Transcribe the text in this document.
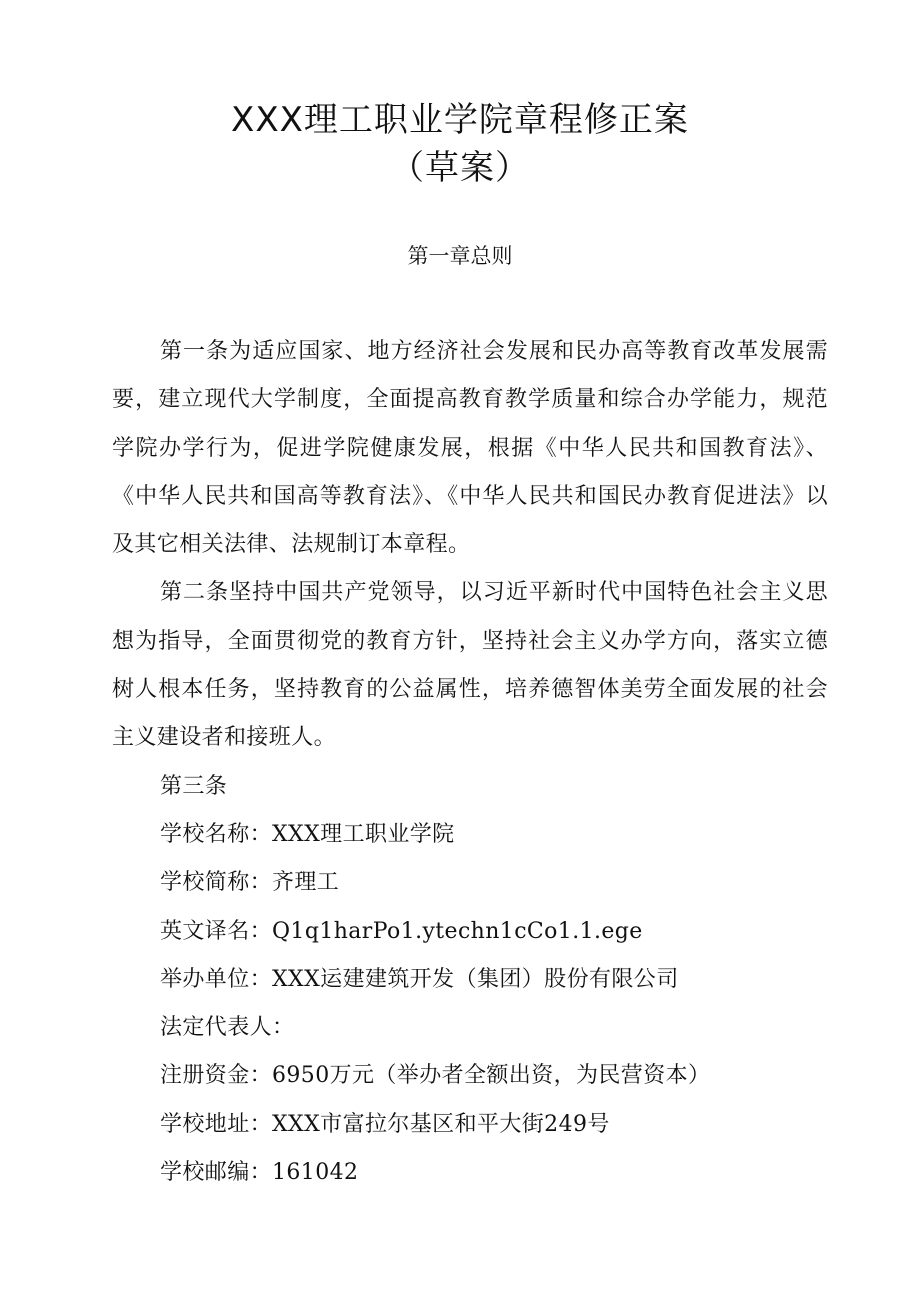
XXX理工职业学院章程修正案
（草案）
第一章总则

第一条为适应国家、地方经济社会发展和民办高等教育改革发展需要，建立现代大学制度，全面提高教育教学质量和综合办学能力，规范学院办学行为，促进学院健康发展，根据《中华人民共和国教育法》、《中华人民共和国高等教育法》、《中华人民共和国民办教育促进法》以及其它相关法律、法规制订本章程。

第二条坚持中国共产党领导，以习近平新时代中国特色社会主义思想为指导，全面贯彻党的教育方针，坚持社会主义办学方向，落实立德树人根本任务，坚持教育的公益属性，培养德智体美劳全面发展的社会主义建设者和接班人。

第三条

学校名称：XXX理工职业学院

学校简称：齐理工

英文译名：Q1q1harPo1.ytechn1cCo1.1.ege

举办单位：XXX运建建筑开发（集团）股份有限公司

法定代表人：

注册资金：6950万元（举办者全额出资，为民营资本）

学校地址：XXX市富拉尔基区和平大街249号

学校邮编：161042
